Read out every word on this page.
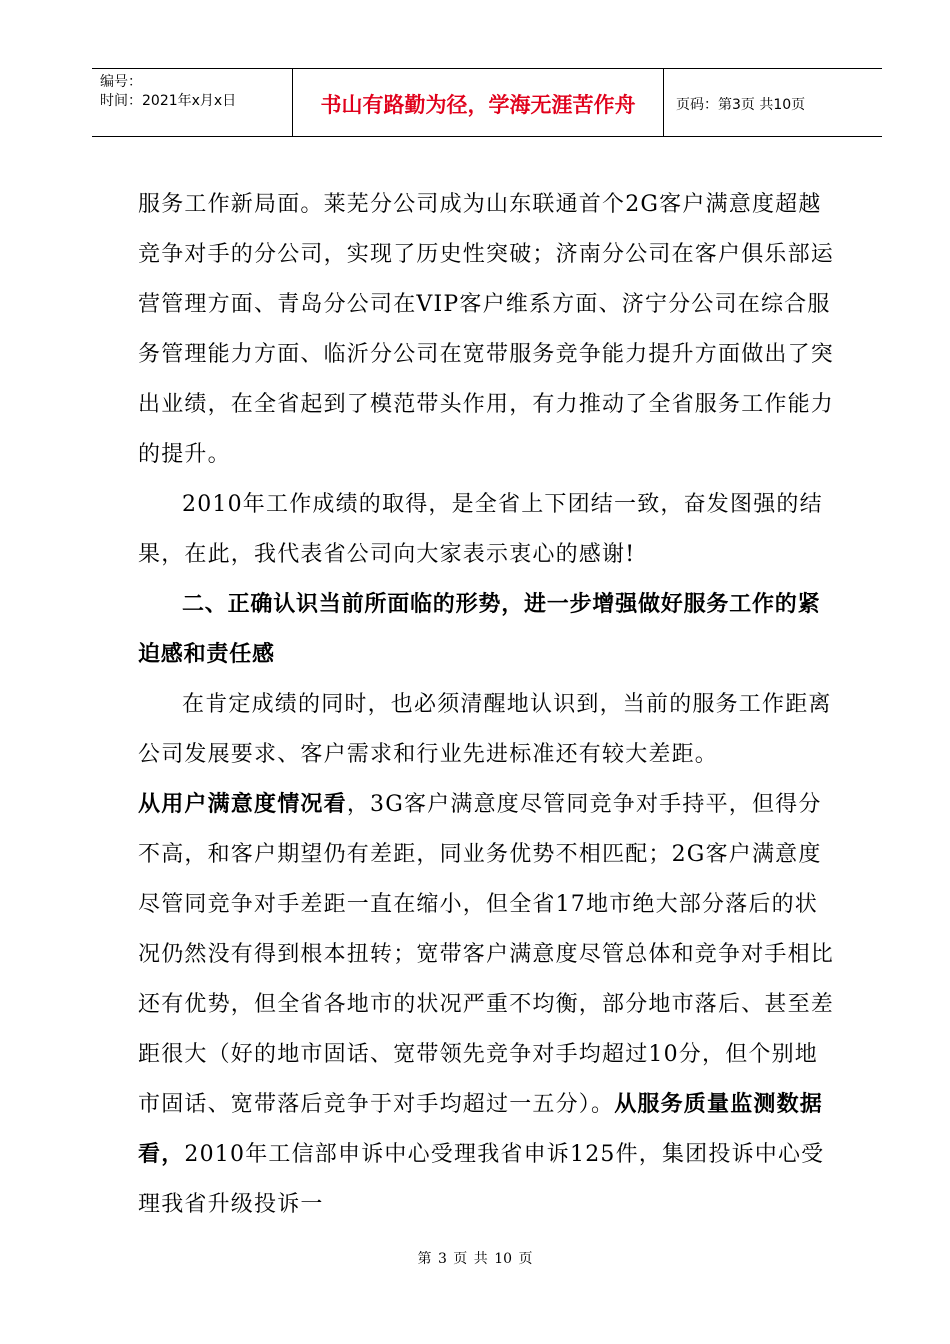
编号：
时间：2021年x月x日	书山有路勤为径，学海无涯苦作舟	页码：第3页 共10页

服务工作新局面。莱芜分公司成为山东联通首个2G客户满意度超越竞争对手的分公司，实现了历史性突破；济南分公司在客户俱乐部运营管理方面、青岛分公司在VIP客户维系方面、济宁分公司在综合服务管理能力方面、临沂分公司在宽带服务竞争能力提升方面做出了突出业绩，在全省起到了模范带头作用，有力推动了全省服务工作能力的提升。

2010年工作成绩的取得，是全省上下团结一致，奋发图强的结果，在此，我代表省公司向大家表示衷心的感谢!

二、正确认识当前所面临的形势，进一步增强做好服务工作的紧迫感和责任感

在肯定成绩的同时，也必须清醒地认识到，当前的服务工作距离公司发展要求、客户需求和行业先进标准还有较大差距。

从用户满意度情况看，3G客户满意度尽管同竞争对手持平，但得分不高，和客户期望仍有差距，同业务优势不相匹配；2G客户满意度尽管同竞争对手差距一直在缩小，但全省17地市绝大部分落后的状况仍然没有得到根本扭转；宽带客户满意度尽管总体和竞争对手相比还有优势，但全省各地市的状况严重不均衡，部分地市落后、甚至差距很大（好的地市固话、宽带领先竞争对手均超过10分，但个别地市固话、宽带落后竞争于对手均超过一五分）。从服务质量监测数据看，2010年工信部申诉中心受理我省申诉125件，集团投诉中心受理我省升级投诉一

第 3 页 共 10 页
